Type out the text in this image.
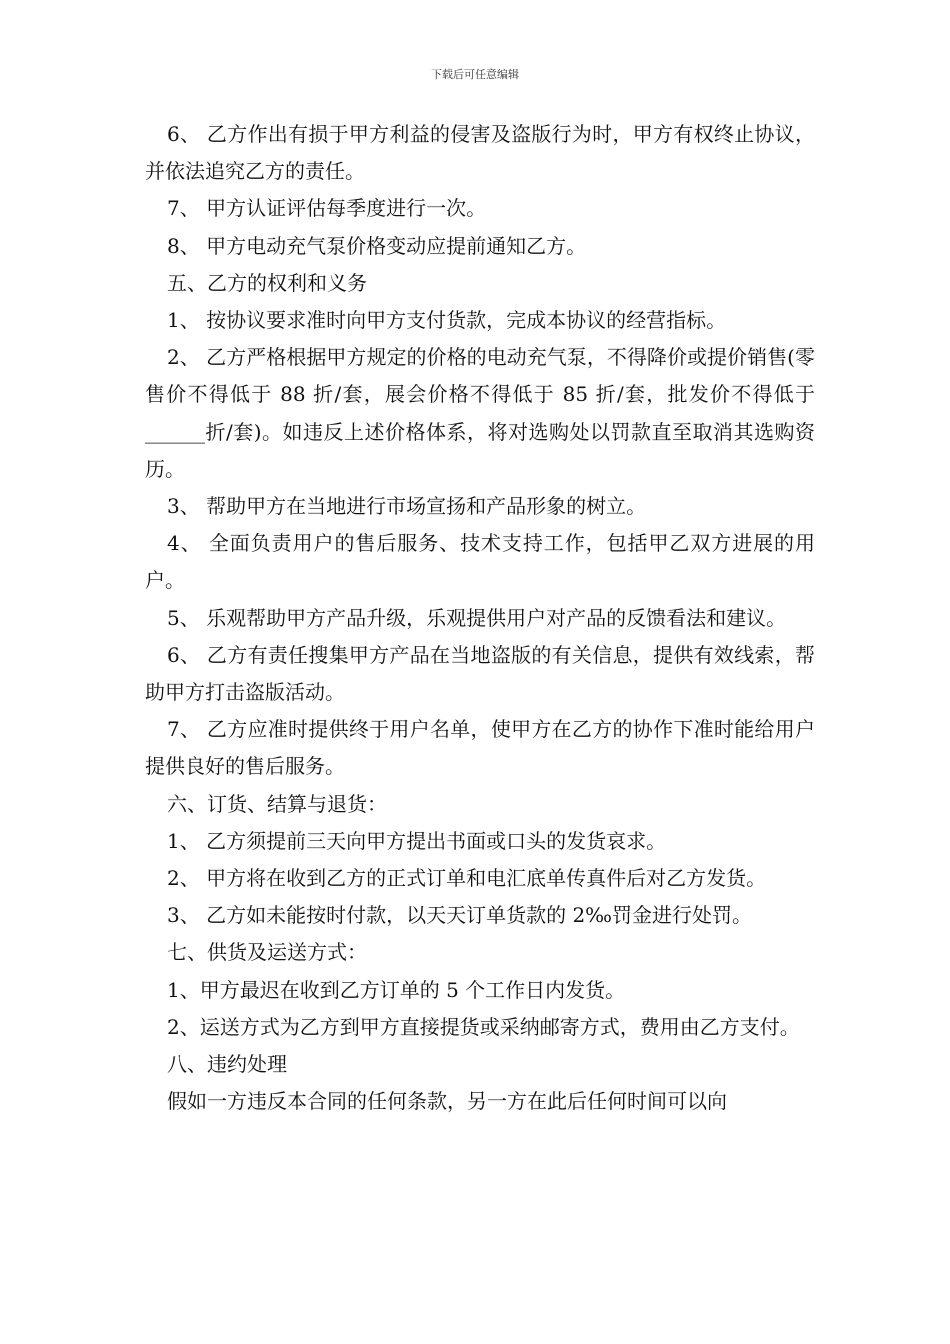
下载后可任意编辑

6、 乙方作出有损于甲方利益的侵害及盗版行为时，甲方有权终止协议，并依法追究乙方的责任。

7、 甲方认证评估每季度进行一次。

8、 甲方电动充气泵价格变动应提前通知乙方。

五、乙方的权利和义务

1、 按协议要求准时向甲方支付货款，完成本协议的经营指标。

2、 乙方严格根据甲方规定的价格的电动充气泵，不得降价或提价销售(零售价不得低于 88 折/套，展会价格不得低于 85 折/套，批发价不得低于______折/套)。如违反上述价格体系，将对选购处以罚款直至取消其选购资历。

3、 帮助甲方在当地进行市场宣扬和产品形象的树立。

4、 全面负责用户的售后服务、技术支持工作，包括甲乙双方进展的用户。

5、 乐观帮助甲方产品升级，乐观提供用户对产品的反馈看法和建议。

6、 乙方有责任搜集甲方产品在当地盗版的有关信息，提供有效线索，帮助甲方打击盗版活动。

7、 乙方应准时提供终于用户名单，使甲方在乙方的协作下准时能给用户提供良好的售后服务。

六、订货、结算与退货：

1、 乙方须提前三天向甲方提出书面或口头的发货哀求。

2、 甲方将在收到乙方的正式订单和电汇底单传真件后对乙方发货。

3、 乙方如未能按时付款，以天天订单货款的 2‰罚金进行处罚。

七、供货及运送方式：

1、甲方最迟在收到乙方订单的 5 个工作日内发货。

2、运送方式为乙方到甲方直接提货或采纳邮寄方式，费用由乙方支付。

八、违约处理

假如一方违反本合同的任何条款，另一方在此后任何时间可以向
